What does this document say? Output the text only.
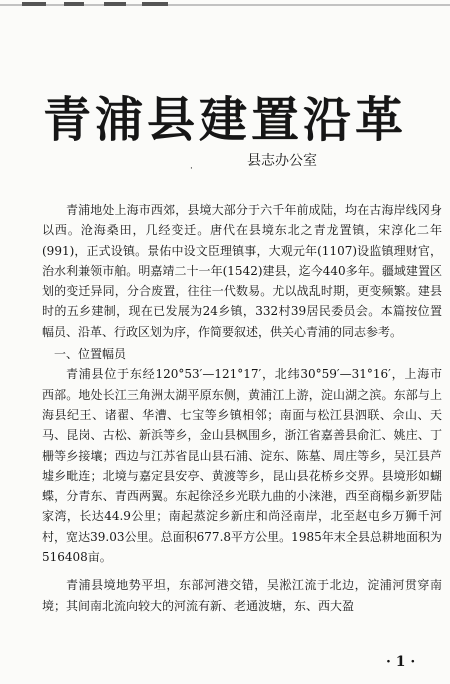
青浦县建置沿革
县志办公室
·

青浦地处上海市西郊，县境大部分于六千年前成陆，均在古海岸线冈身以西。沧海桑田，几经变迁。唐代在县境东北之青龙置镇，宋淳化二年(991)，正式设镇。景佑中设文臣理镇事，大观元年(1107)设监镇理财官，治水利兼领市舶。明嘉靖二十一年(1542)建县，迄今440多年。疆域建置区划的变迁异同，分合废置，往往一代数易。尤以战乱时期，更变频繁。建县时的五乡建制，现在已发展为24乡镇，332村39居民委员会。本篇按位置幅员、沿革、行政区划为序，作简要叙述，供关心青浦的同志参考。

一、位置幅员

青浦县位于东经120°53′—121°17′，北纬30°59′—31°16′，上海市西部。地处长江三角洲太湖平原东侧，黄浦江上游，淀山湖之滨。东部与上海县纪王、诸翟、华漕、七宝等乡镇相邻；南面与松江县泗联、佘山、天马、昆岗、古松、新浜等乡，金山县枫围乡，浙江省嘉善县俞汇、姚庄、丁栅等乡接壤；西边与江苏省昆山县石浦、淀东、陈墓、周庄等乡，吴江县芦墟乡毗连；北境与嘉定县安亭、黄渡等乡，昆山县花桥乡交界。县境形如蝴蝶，分青东、青西两翼。东起徐泾乡光联九曲的小涞港，西至商榻乡新罗陆家湾，长达44.9公里；南起蒸淀乡新庄和尚泾南岸，北至赵屯乡万狮千河村，宽达39.03公里。总面积677.8平方公里。1985年末全县总耕地面积为516408亩。

青浦县境地势平坦，东部河港交错，吴淞江流于北边，淀浦河贯穿南境；其间南北流向较大的河流有新、老通波塘，东、西大盈

· 1 ·
